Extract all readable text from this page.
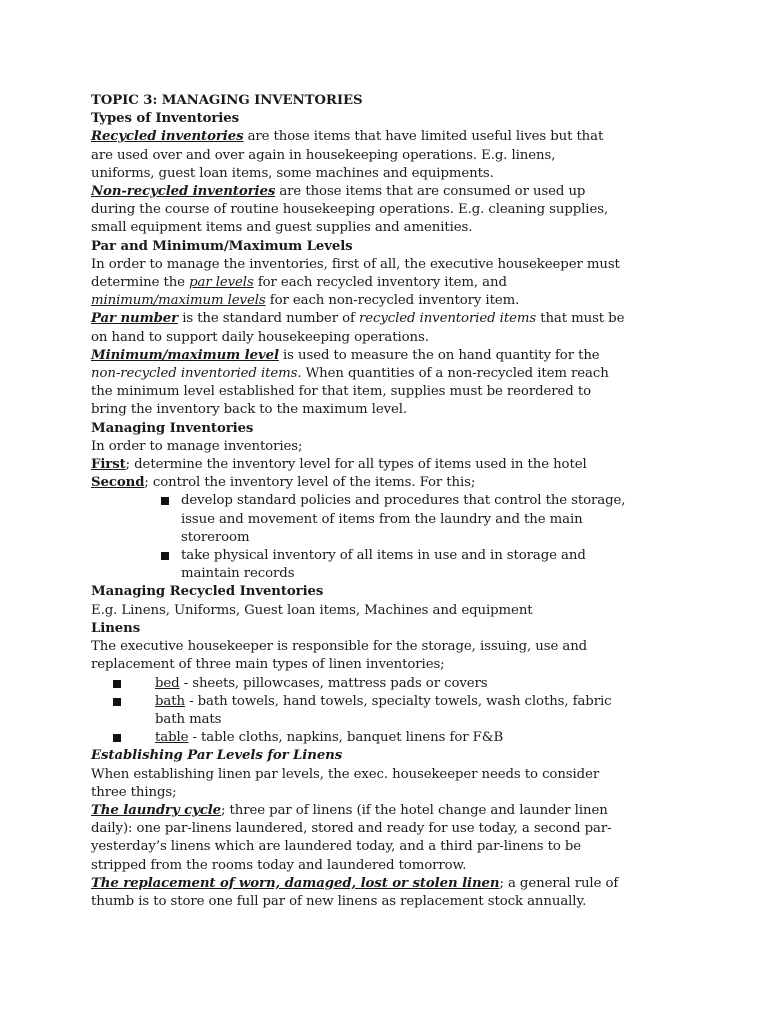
TOPIC 3: MANAGING INVENTORIES
Types of Inventories
Recycled inventories are those items that have limited useful lives but that
are used over and over again in housekeeping operations. E.g. linens,
uniforms, guest loan items, some machines and equipments.
Non-recycled inventories are those items that are consumed or used up
during the course of routine housekeeping operations. E.g. cleaning supplies,
small equipment items and guest supplies and amenities.
Par and Minimum/Maximum Levels
In order to manage the inventories, first of all, the executive housekeeper must
determine the par levels for each recycled inventory item, and
minimum/maximum levels for each non-recycled inventory item.
Par number is the standard number of recycled inventoried items that must be
on hand to support daily housekeeping operations.
Minimum/maximum level is used to measure the on hand quantity for the
non-recycled inventoried items. When quantities of a non-recycled item reach
the minimum level established for that item, supplies must be reordered to
bring the inventory back to the maximum level.
Managing Inventories
In order to manage inventories;
First; determine the inventory level for all types of items used in the hotel
Second; control the inventory level of the items. For this;
develop standard policies and procedures that control the storage,
issue and movement of items from the laundry and the main
storeroom
take physical inventory of all items in use and in storage and
maintain records
Managing Recycled Inventories
E.g. Linens, Uniforms, Guest loan items, Machines and equipment
Linens
The executive housekeeper is responsible for the storage, issuing, use and
replacement of three main types of linen inventories;
bed - sheets, pillowcases, mattress pads or covers
bath - bath towels, hand towels, specialty towels, wash cloths, fabric
bath mats
table - table cloths, napkins, banquet linens for F&B
Establishing Par Levels for Linens
When establishing linen par levels, the exec. housekeeper needs to consider
three things;
The laundry cycle; three par of linens (if the hotel change and launder linen
daily): one par-linens laundered, stored and ready for use today, a second par-
yesterday’s linens which are laundered today, and a third par-linens to be
stripped from the rooms today and laundered tomorrow.
The replacement of worn, damaged, lost or stolen linen; a general rule of
thumb is to store one full par of new linens as replacement stock annually.
